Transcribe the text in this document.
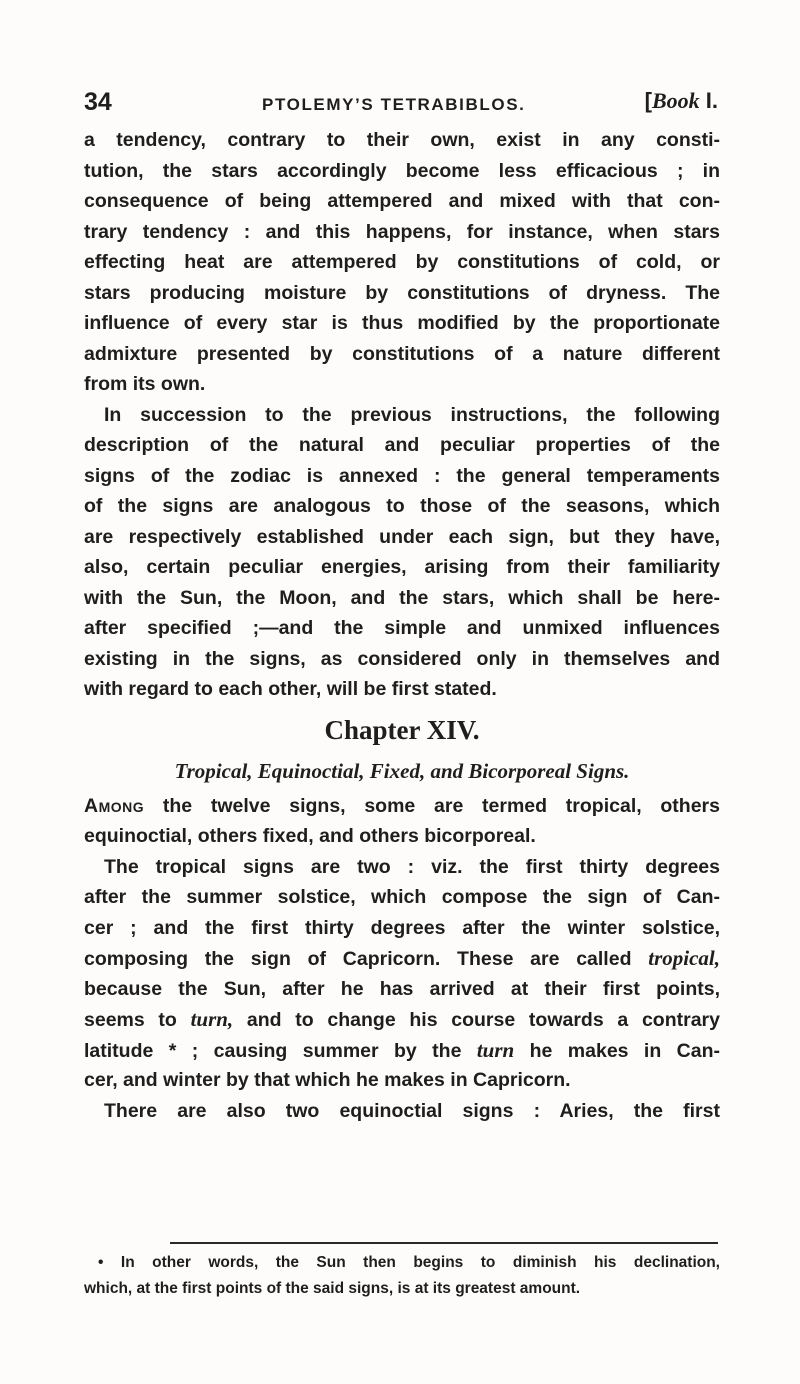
34	PTOLEMY’S TETRABIBLOS.	[Book I.
a tendency, contrary to their own, exist in any consti-
tution, the stars accordingly become less efficacious ; in
consequence of being attempered and mixed with that con-
trary tendency : and this happens, for instance, when stars
effecting heat are attempered by constitutions of cold, or
stars producing moisture by constitutions of dryness. The
influence of every star is thus modified by the proportionate
admixture presented by constitutions of a nature different
from its own.
In succession to the previous instructions, the following
description of the natural and peculiar properties of the
signs of the zodiac is annexed : the general temperaments
of the signs are analogous to those of the seasons, which
are respectively established under each sign, but they have,
also, certain peculiar energies, arising from their familiarity
with the Sun, the Moon, and the stars, which shall be here-
after specified ;—and the simple and unmixed influences
existing in the signs, as considered only in themselves and
with regard to each other, will be first stated.
Chapter XIV.
Tropical, Equinoctial, Fixed, and Bicorporeal Signs.
Among the twelve signs, some are termed tropical, others
equinoctial, others fixed, and others bicorporeal.
The tropical signs are two : viz. the first thirty degrees
after the summer solstice, which compose the sign of Can-
cer ; and the first thirty degrees after the winter solstice,
composing the sign of Capricorn. These are called tropical,
because the Sun, after he has arrived at their first points,
seems to turn, and to change his course towards a contrary
latitude * ; causing summer by the turn he makes in Can-
cer, and winter by that which he makes in Capricorn.
There are also two equinoctial signs : Aries, the first
• In other words, the Sun then begins to diminish his declination,
which, at the first points of the said signs, is at its greatest amount.
